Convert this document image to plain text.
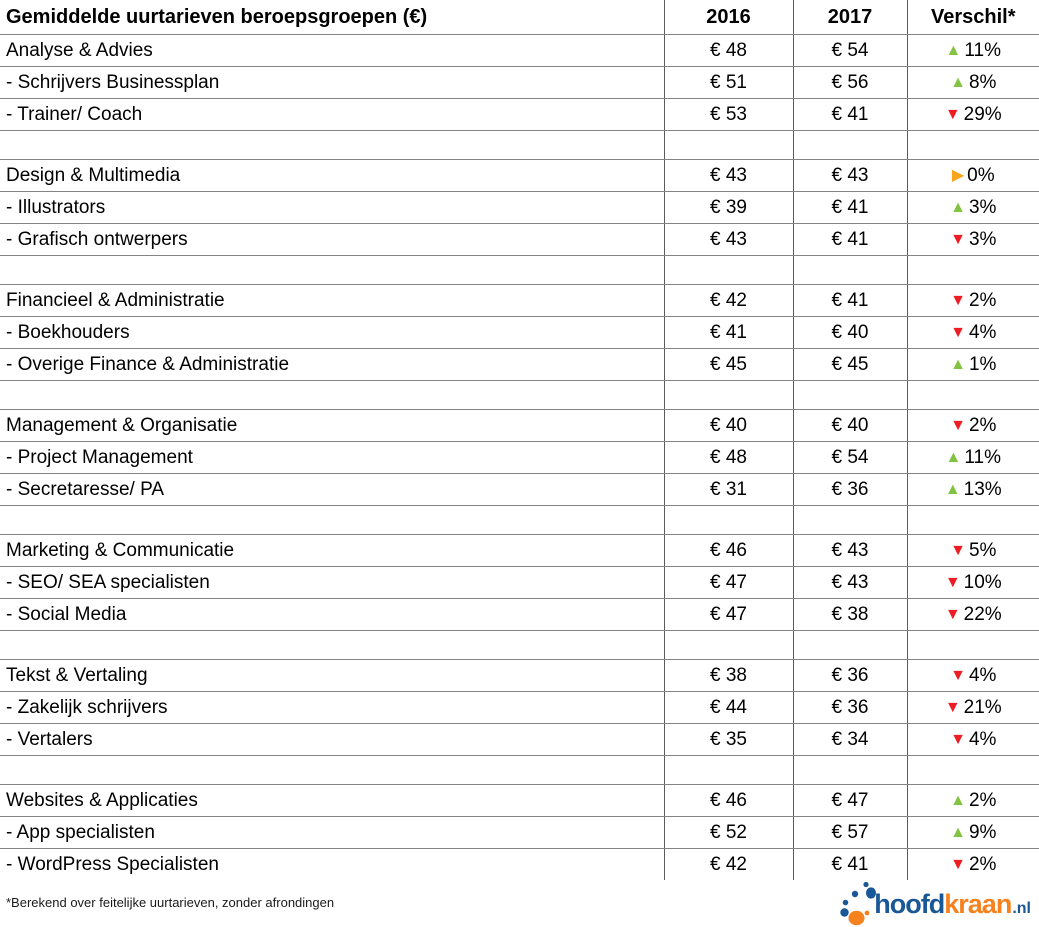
Gemiddelde uurtarieven beroepsgroepen (€)	2016	2017	Verschil*
Analyse & Advies	€ 48	€ 54	▲ 11%
- Schrijvers Businessplan	€ 51	€ 56	▲ 8%
- Trainer/ Coach	€ 53	€ 41	▼ 29%

Design & Multimedia	€ 43	€ 43	▶ 0%
- Illustrators	€ 39	€ 41	▲ 3%
- Grafisch ontwerpers	€ 43	€ 41	▼ 3%

Financieel & Administratie	€ 42	€ 41	▼ 2%
- Boekhouders	€ 41	€ 40	▼ 4%
- Overige Finance & Administratie	€ 45	€ 45	▲ 1%

Management & Organisatie	€ 40	€ 40	▼ 2%
- Project Management	€ 48	€ 54	▲ 11%
- Secretaresse/ PA	€ 31	€ 36	▲ 13%

Marketing & Communicatie	€ 46	€ 43	▼ 5%
- SEO/ SEA specialisten	€ 47	€ 43	▼ 10%
- Social Media	€ 47	€ 38	▼ 22%

Tekst & Vertaling	€ 38	€ 36	▼ 4%
- Zakelijk schrijvers	€ 44	€ 36	▼ 21%
- Vertalers	€ 35	€ 34	▼ 4%

Websites & Applicaties	€ 46	€ 47	▲ 2%
- App specialisten	€ 52	€ 57	▲ 9%
- WordPress Specialisten	€ 42	€ 41	▼ 2%
*Berekend over feitelijke uurtarieven, zonder afrondingen	hoofd kraan .nl
